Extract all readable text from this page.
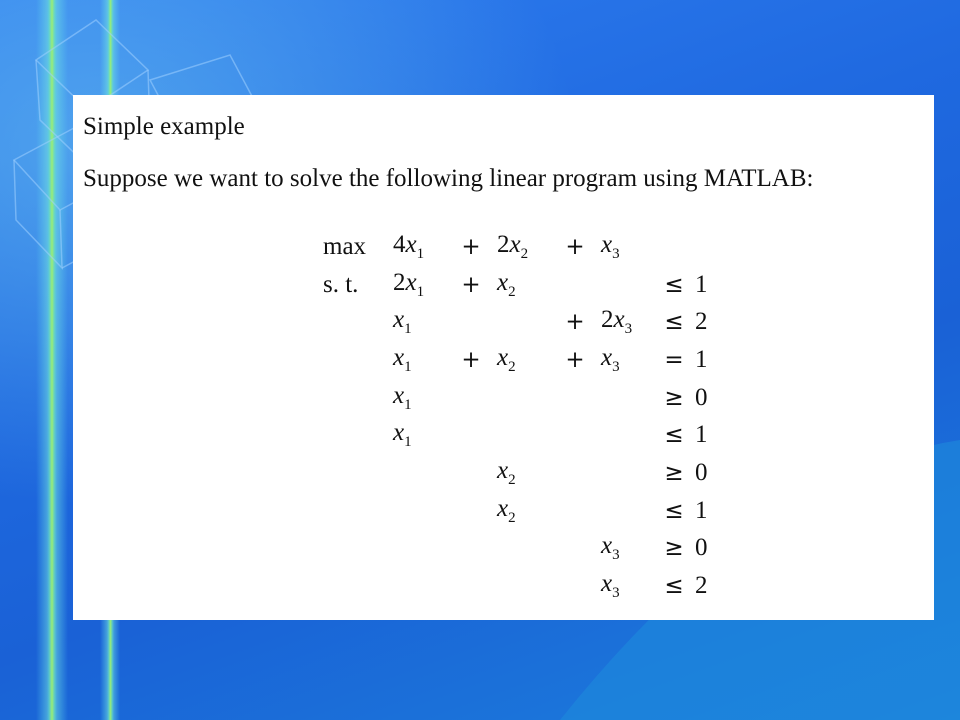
Simple example
Suppose we want to solve the following linear program using MATLAB:
max	$4x_1$	+	$2x_2$	+	$x_3$		
s. t.	$2x_1$	+	$x_2$			≤	1
	$x_1$			+	$2x_3$	≤	2
	$x_1$	+	$x_2$	+	$x_3$	=	1
	$x_1$					≥	0
	$x_1$					≤	1
			$x_2$			≥	0
			$x_2$			≤	1
					$x_3$	≥	0
					$x_3$	≤	2
